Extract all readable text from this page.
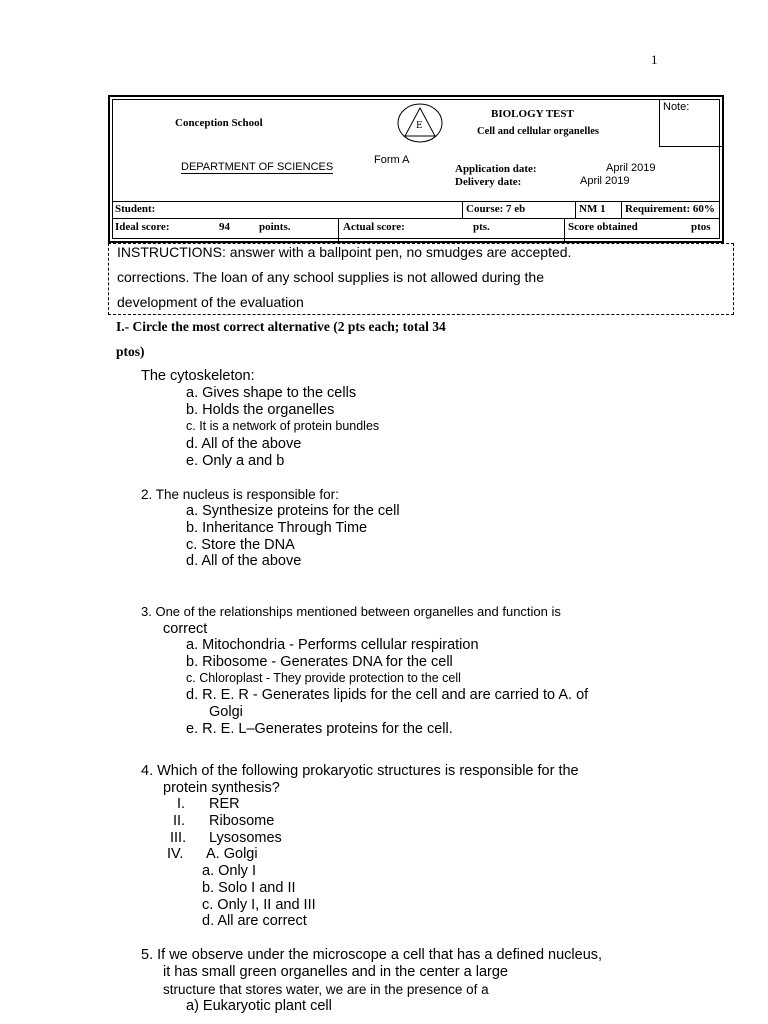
1
Conception School
DEPARTMENT OF SCIENCES
E
Form A
BIOLOGY TEST
Cell and cellular organelles
Application date:	April 2019
Delivery date:	April 2019
Note:
Student:	Course: 7 eb	NM 1 Requirement: 60%
Ideal score:	94	points.	Actual score:	pts.	Score obtained	ptos
INSTRUCTIONS: answer with a ballpoint pen, no smudges are accepted.
corrections. The loan of any school supplies is not allowed during the
development of the evaluation
I.- Circle the most correct alternative (2 pts each; total 34
ptos)
The cytoskeleton:
a. Gives shape to the cells
b. Holds the organelles
c. It is a network of protein bundles
d. All of the above
e. Only a and b
2. The nucleus is responsible for:
a. Synthesize proteins for the cell
b. Inheritance Through Time
c. Store the DNA
d. All of the above
3. One of the relationships mentioned between organelles and function is
correct
a. Mitochondria - Performs cellular respiration
b. Ribosome - Generates DNA for the cell
c. Chloroplast - They provide protection to the cell
d. R. E. R - Generates lipids for the cell and are carried to A. of
Golgi
e. R. E. L–Generates proteins for the cell.
4. Which of the following prokaryotic structures is responsible for the
protein synthesis?
I. RER
II. Ribosome
III. Lysosomes
IV. A. Golgi
a. Only I
b. Solo I and II
c. Only I, II and III
d. All are correct
5. If we observe under the microscope a cell that has a defined nucleus,
it has small green organelles and in the center a large
structure that stores water, we are in the presence of a
a) Eukaryotic plant cell
